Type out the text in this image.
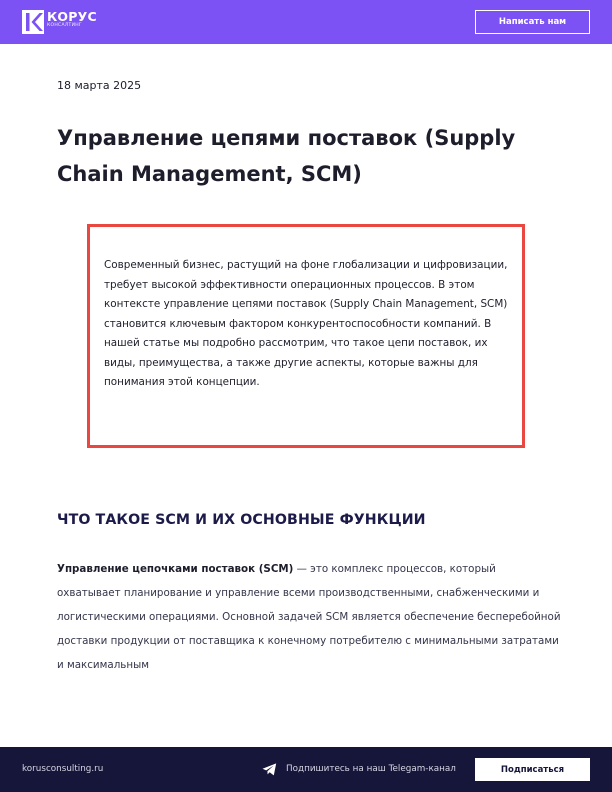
КОРУС
КОНСАЛТИНГ	Написать нам
18 марта 2025
Управление цепями поставок (Supply Chain Management, SCM)

Современный бизнес, растущий на фоне глобализации и цифровизации, требует высокой эффективности операционных процессов. В этом контексте управление цепями поставок (Supply Chain Management, SCM) становится ключевым фактором конкурентоспособности компаний. В нашей статье мы подробно рассмотрим, что такое цепи поставок, их виды, преимущества, а также другие аспекты, которые важны для понимания этой концепции.

ЧТО ТАКОЕ SCM И ИХ ОСНОВНЫЕ ФУНКЦИИ

Управление цепочками поставок (SCM) — это комплекс процессов, который охватывает планирование и управление всеми производственными, снабженческими и логистическими операциями. Основной задачей SCM является обеспечение бесперебойной доставки продукции от поставщика к конечному потребителю с минимальными затратами и максимальным

korusconsulting.ru	Подпишитесь на наш Telegam-канал	Подписаться
